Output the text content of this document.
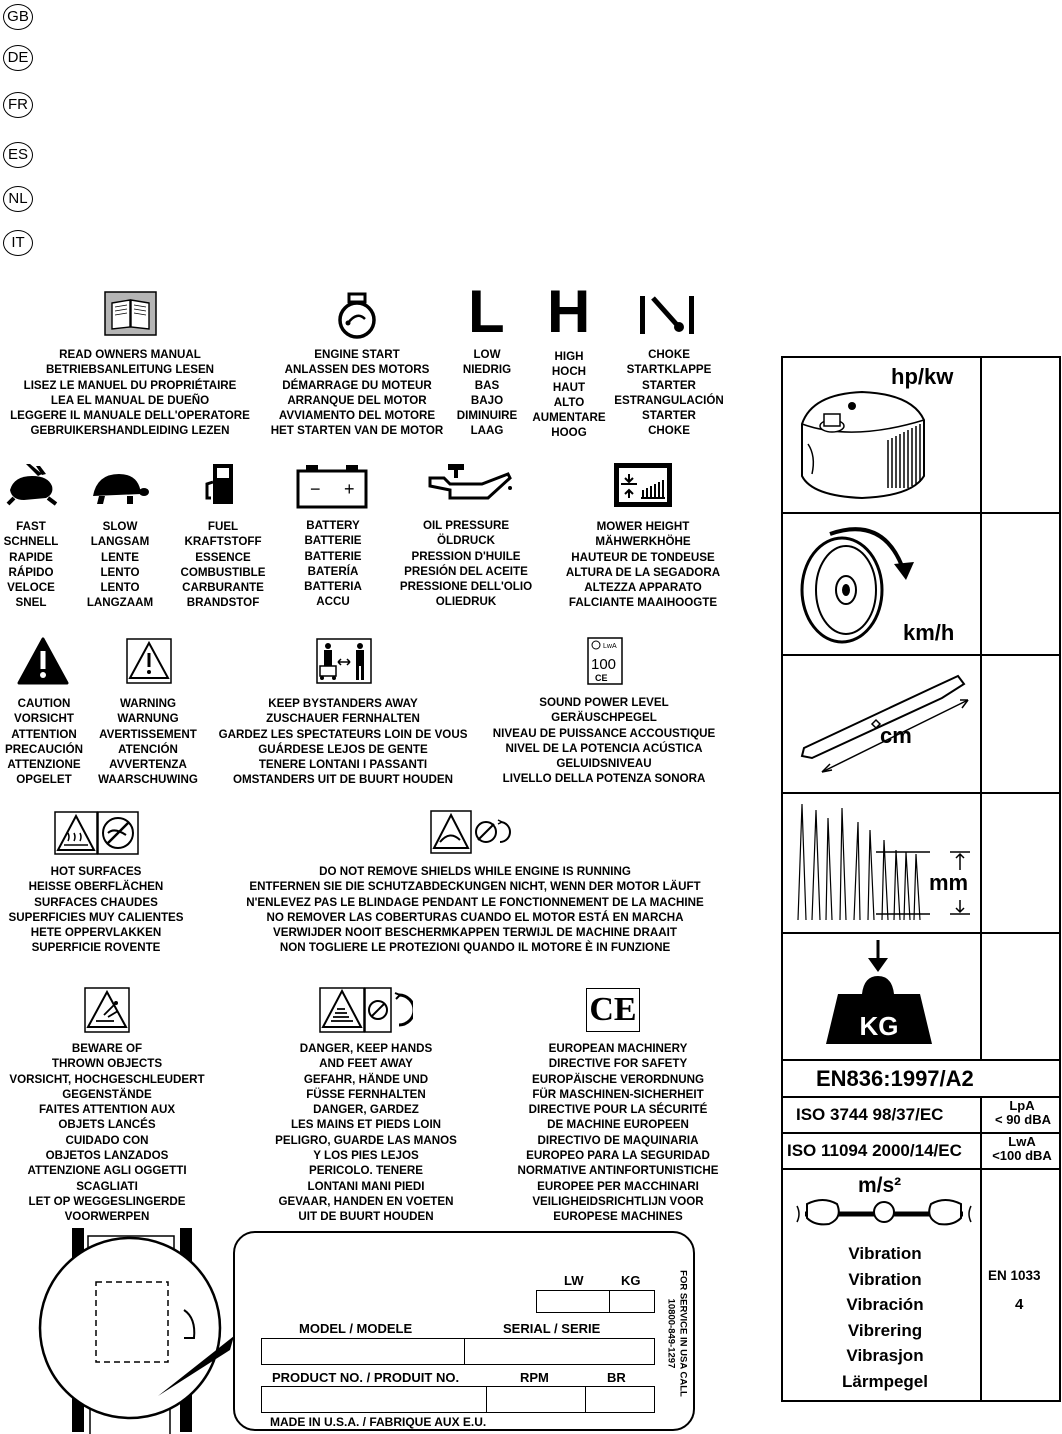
GB
DE
FR
ES
NL
IT
L H
READ OWNERS MANUAL
BETRIEBSANLEITUNG LESEN
LISEZ LE MANUEL DU PROPRIÉTAIRE
LEA EL MANUAL DE DUEÑO
LEGGERE IL MANUALE DELL'OPERATORE
GEBRUIKERSHANDLEIDING LEZEN
ENGINE START
ANLASSEN DES MOTORS
DÉMARRAGE DU MOTEUR
ARRANQUE DEL MOTOR
AVVIAMENTO DEL MOTORE
HET STARTEN VAN DE MOTOR
LOW
NIEDRIG
BAS
BAJO
DIMINUIRE
LAAG
HIGH
HOCH
HAUT
ALTO
AUMENTARE
HOOG
CHOKE
STARTKLAPPE
STARTER
ESTRANGULACIÓN
STARTER
CHOKE
− +
FAST
SCHNELL
RAPIDE
RÁPIDO
VELOCE
SNEL
SLOW
LANGSAM
LENTE
LENTO
LENTO
LANGZAAM
FUEL
KRAFTSTOFF
ESSENCE
COMBUSTIBLE
CARBURANTE
BRANDSTOF
BATTERY
BATTERIE
BATTERIE
BATERÍA
BATTERIA
ACCU
OIL PRESSURE
ÖLDRUCK
PRESSION D'HUILE
PRESIÓN DEL ACEITE
PRESSIONE DELL'OLIO
OLIEDRUK
MOWER HEIGHT
MÄHWERKHÖHE
HAUTEUR DE TONDEUSE
ALTURA DE LA SEGADORA
ALTEZZA APPARATO
FALCIANTE MAAIHOOGTE
LwA
100
CE
CAUTION
VORSICHT
ATTENTION
PRECAUCIÓN
ATTENZIONE
OPGELET
WARNING
WARNUNG
AVERTISSEMENT
ATENCIÓN
AVVERTENZA
WAARSCHUWING
KEEP BYSTANDERS AWAY
ZUSCHAUER FERNHALTEN
GARDEZ LES SPECTATEURS LOIN DE VOUS
GUÁRDESE LEJOS DE GENTE
TENERE LONTANI I PASSANTI
OMSTANDERS UIT DE BUURT HOUDEN
SOUND POWER LEVEL
GERÄUSCHPEGEL
NIVEAU DE PUISSANCE ACCOUSTIQUE
NIVEL DE LA POTENCIA ACÚSTICA
GELUIDSNIVEAU
LIVELLO DELLA POTENZA SONORA
HOT SURFACES
HEISSE OBERFLÄCHEN
SURFACES CHAUDES
SUPERFICIES MUY CALIENTES
HETE OPPERVLAKKEN
SUPERFICIE ROVENTE
DO NOT REMOVE SHIELDS WHILE ENGINE IS RUNNING
ENTFERNEN SIE DIE SCHUTZABDECKUNGEN NICHT, WENN DER MOTOR LÄUFT
N'ENLEVEZ PAS LE BLINDAGE PENDANT LE FONCTIONNEMENT DE LA MACHINE
NO REMOVER LAS COBERTURAS CUANDO EL MOTOR ESTÁ EN MARCHA
VERWIJDER NOOIT BESCHERMKAPPEN TERWIJL DE MACHINE DRAAIT
NON TOGLIERE LE PROTEZIONI QUANDO IL MOTORE È IN FUNZIONE
CE
BEWARE OF
THROWN OBJECTS
VORSICHT, HOCHGESCHLEUDERT
GEGENSTÄNDE
FAITES ATTENTION AUX
OBJETS LANCÉS
CUIDADO CON
OBJETOS LANZADOS
ATTENZIONE AGLI OGGETTI
SCAGLIATI
LET OP WEGGESLINGERDE
VOORWERPEN
DANGER, KEEP HANDS
AND FEET AWAY
GEFAHR, HÄNDE UND
FÜSSE FERNHALTEN
DANGER, GARDEZ
LES MAINS ET PIEDS LOIN
PELIGRO, GUARDE LAS MANOS
Y LOS PIES LEJOS
PERICOLO. TENERE
LONTANI MANI PIEDI
GEVAAR, HANDEN EN VOETEN
UIT DE BUURT HOUDEN
EUROPEAN MACHINERY
DIRECTIVE FOR SAFETY
EUROPÄISCHE VERORDNUNG
FÜR MASCHINEN-SICHERHEIT
DIRECTIVE POUR LA SÉCURITÉ
DE MACHINE EUROPEEN
DIRECTIVO DE MAQUINARIA
EUROPEO PARA LA SEGURIDAD
NORMATIVE ANTINFORTUNISTICHE
EUROPEE PER MACCHINARI
VEILIGHEIDSRICHTLIJN VOOR
EUROPESE MACHINES
hp/kw
km/h
cm
mm
KG
EN836:1997/A2
ISO 3744 98/37/EC	LpA
< 90 dBA
ISO 11094 2000/14/EC	LwA
<100 dBA
m/s²
Vibration
Vibration
Vibración
Vibrering
Vibrasjon
Lärmpegel
EN 1033
4
LW	KG
MODEL / MODELE	SERIAL / SERIE
PRODUCT NO. / PRODUIT NO.	RPM	BR
MADE IN U.S.A. / FABRIQUE AUX E.U.
FOR SERVICE IN USA CALL
10800-849-1297
